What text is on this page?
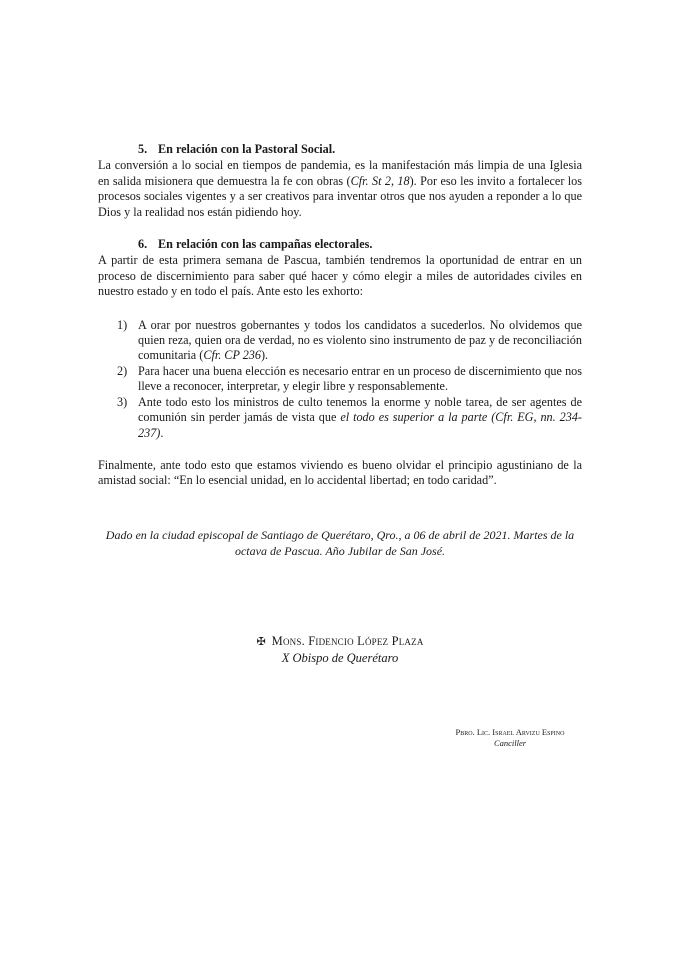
5. En relación con la Pastoral Social.

La conversión a lo social en tiempos de pandemia, es la manifestación más limpia de una Iglesia en salida misionera que demuestra la fe con obras (Cfr. St 2, 18). Por eso les invito a fortalecer los procesos sociales vigentes y a ser creativos para inventar otros que nos ayuden a reponder a lo que Dios y la realidad nos están pidiendo hoy.

6. En relación con las campañas electorales.

A partir de esta primera semana de Pascua, también tendremos la oportunidad de entrar en un proceso de discernimiento para saber qué hacer y cómo elegir a miles de autoridades civiles en nuestro estado y en todo el país. Ante esto les exhorto:

1) A orar por nuestros gobernantes y todos los candidatos a sucederlos. No olvidemos que quien reza, quien ora de verdad, no es violento sino instrumento de paz y de reconciliación comunitaria (Cfr. CP 236).
2) Para hacer una buena elección es necesario entrar en un proceso de discernimiento que nos lleve a reconocer, interpretar, y elegir libre y responsablemente.
3) Ante todo esto los ministros de culto tenemos la enorme y noble tarea, de ser agentes de comunión sin perder jamás de vista que el todo es superior a la parte (Cfr. EG, nn. 234-237).

Finalmente, ante todo esto que estamos viviendo es bueno olvidar el principio agustiniano de la amistad social: “En lo esencial unidad, en lo accidental libertad; en todo caridad”.

Dado en la ciudad episcopal de Santiago de Querétaro, Qro., a 06 de abril de 2021. Martes de la octava de Pascua. Año Jubilar de San José.
✠ Mons. Fidencio López Plaza
X Obispo de Querétaro
Pbro. Lic. Israel Arvizu Espino
Canciller
